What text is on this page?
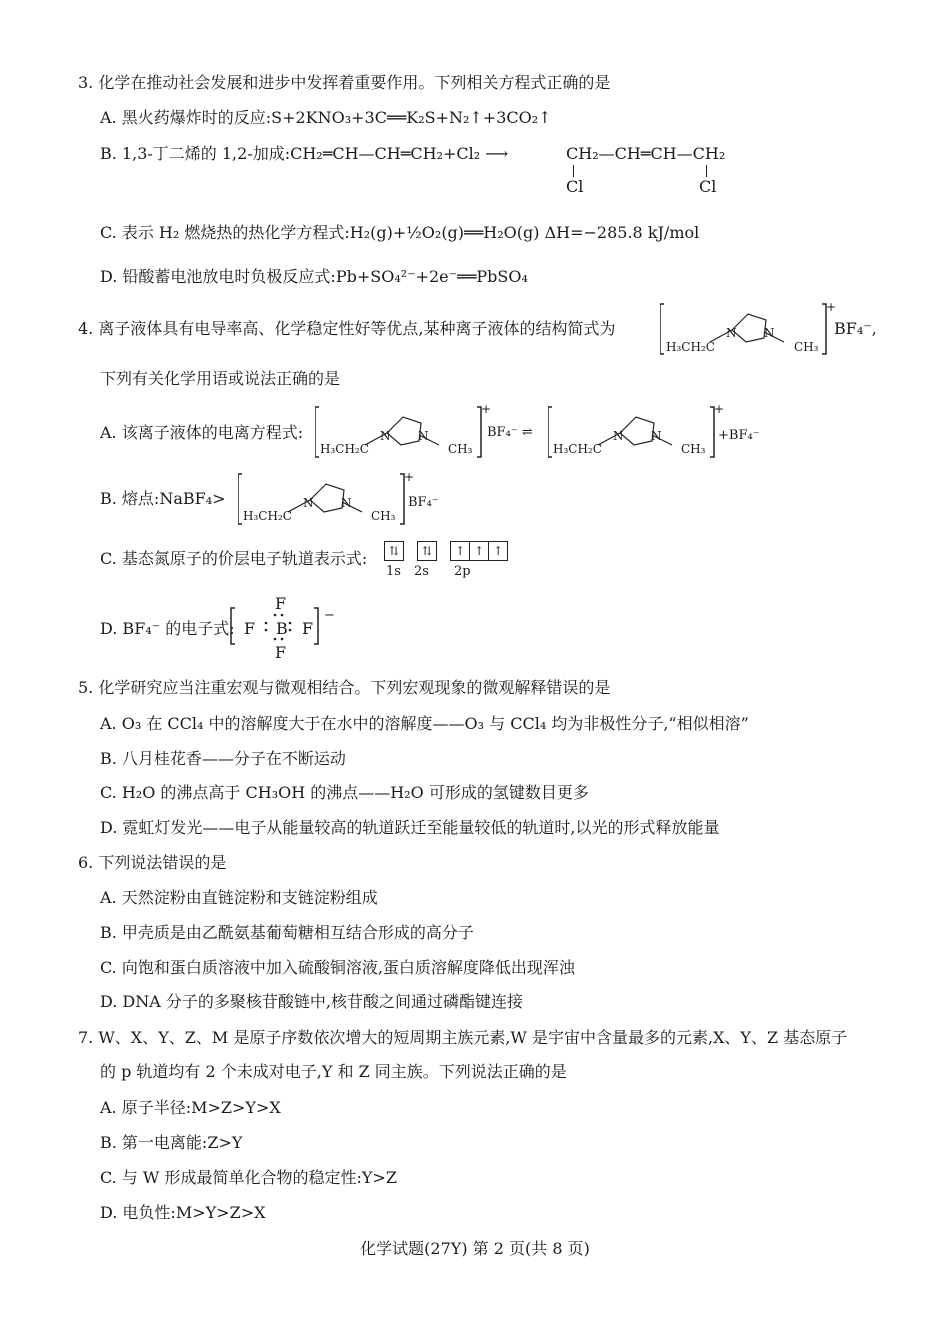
3. 化学在推动社会发展和进步中发挥着重要作用。下列相关方程式正确的是
A. 黑火药爆炸时的反应:S+2KNO₃+3C══K₂S+N₂↑+3CO₂↑
B. 1,3-丁二烯的 1,2-加成:CH₂═CH—CH═CH₂+Cl₂ ⟶	CH₂—CH═CH—CH₂
Cl	Cl
C. 表示 H₂ 燃烧热的热化学方程式:H₂(g)+½O₂(g)══H₂O(g) ΔH=−285.8 kJ/mol
D. 铅酸蓄电池放电时负极反应式:Pb+SO₄²⁻+2e⁻══PbSO₄
4. 离子液体具有电导率高、化学稳定性好等优点,某种离子液体的结构简式为
H₃CH₂C
N N
CH₃
+
BF₄⁻,
下列有关化学用语或说法正确的是
A. 该离子液体的电离方程式:
H₃CH₂C
N N
CH₃
+
BF₄⁻ ⇌
H₃CH₂C
N N
CH₃
+
+BF₄⁻
B. 熔点:NaBF₄>
H₃CH₂C
N N
CH₃
+
BF₄⁻
C. 基态氮原子的价层电子轨道表示式:	⇅
	⇅
	↑ ↑ ↑
1s 2s 2p
D. BF₄⁻ 的电子式:
F
F B F
F
−
5. 化学研究应当注重宏观与微观相结合。下列宏观现象的微观解释错误的是
A. O₃ 在 CCl₄ 中的溶解度大于在水中的溶解度——O₃ 与 CCl₄ 均为非极性分子,“相似相溶”
B. 八月桂花香——分子在不断运动
C. H₂O 的沸点高于 CH₃OH 的沸点——H₂O 可形成的氢键数目更多
D. 霓虹灯发光——电子从能量较高的轨道跃迁至能量较低的轨道时,以光的形式释放能量
6. 下列说法错误的是
A. 天然淀粉由直链淀粉和支链淀粉组成
B. 甲壳质是由乙酰氨基葡萄糖相互结合形成的高分子
C. 向饱和蛋白质溶液中加入硫酸铜溶液,蛋白质溶解度降低出现浑浊
D. DNA 分子的多聚核苷酸链中,核苷酸之间通过磷酯键连接
7. W、X、Y、Z、M 是原子序数依次增大的短周期主族元素,W 是宇宙中含量最多的元素,X、Y、Z 基态原子
的 p 轨道均有 2 个未成对电子,Y 和 Z 同主族。下列说法正确的是
A. 原子半径:M>Z>Y>X
B. 第一电离能:Z>Y
C. 与 W 形成最简单化合物的稳定性:Y>Z
D. 电负性:M>Y>Z>X
化学试题(27Y) 第 2 页(共 8 页)
